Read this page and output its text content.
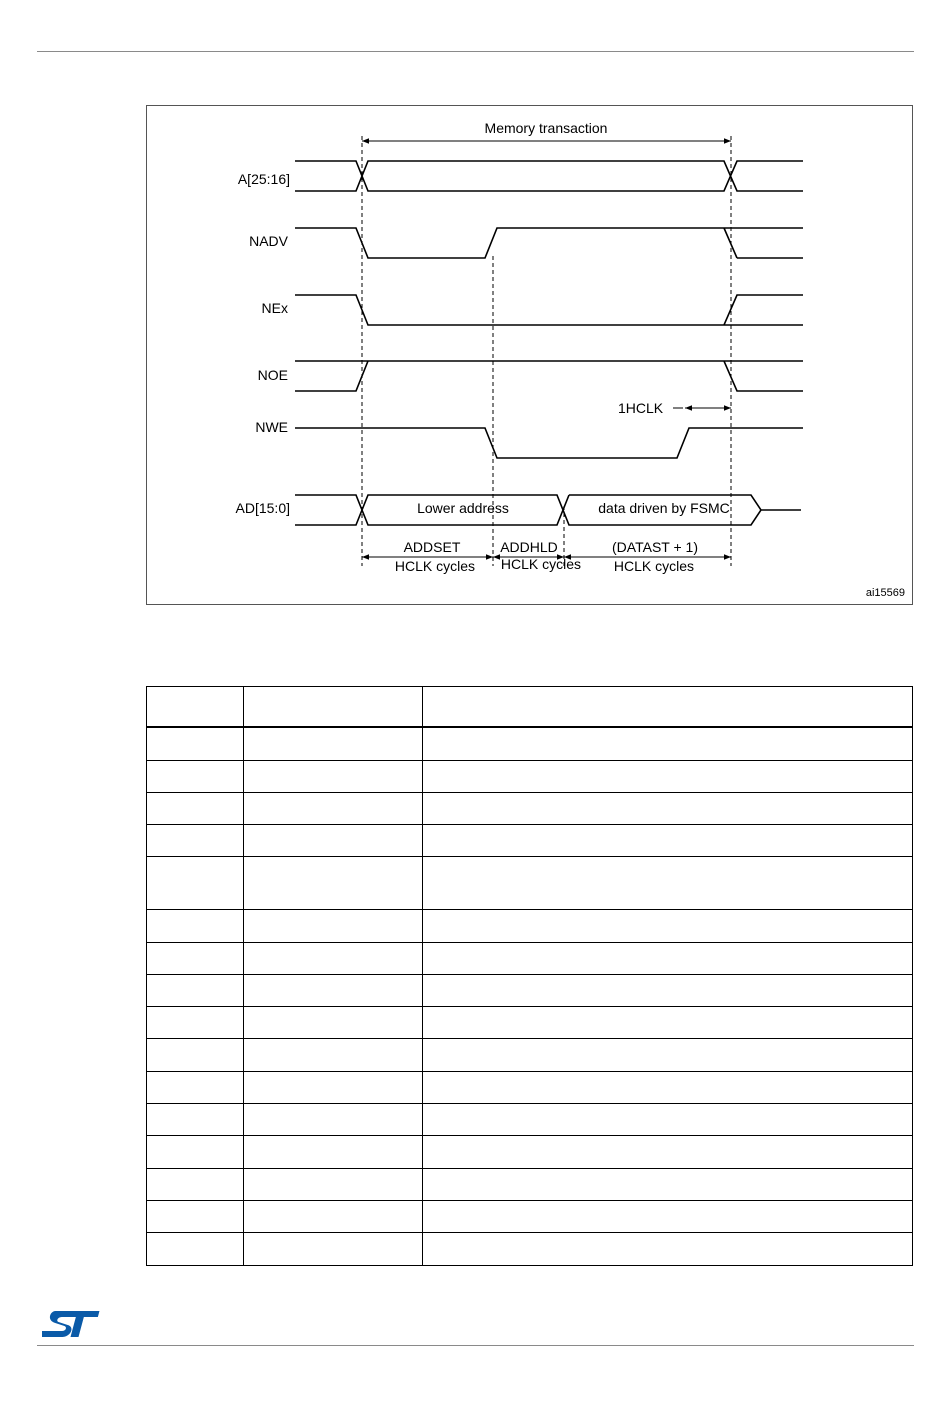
Memory transaction
A[25:16]
NADV
NEx
NOE
NWE
AD[15:0]
1HCLK
Lower address	data driven by FSMC
ADDSET
HCLK cycles
ADDHLD
HCLK cycles
(DATAST + 1)
HCLK cycles
ai15569
